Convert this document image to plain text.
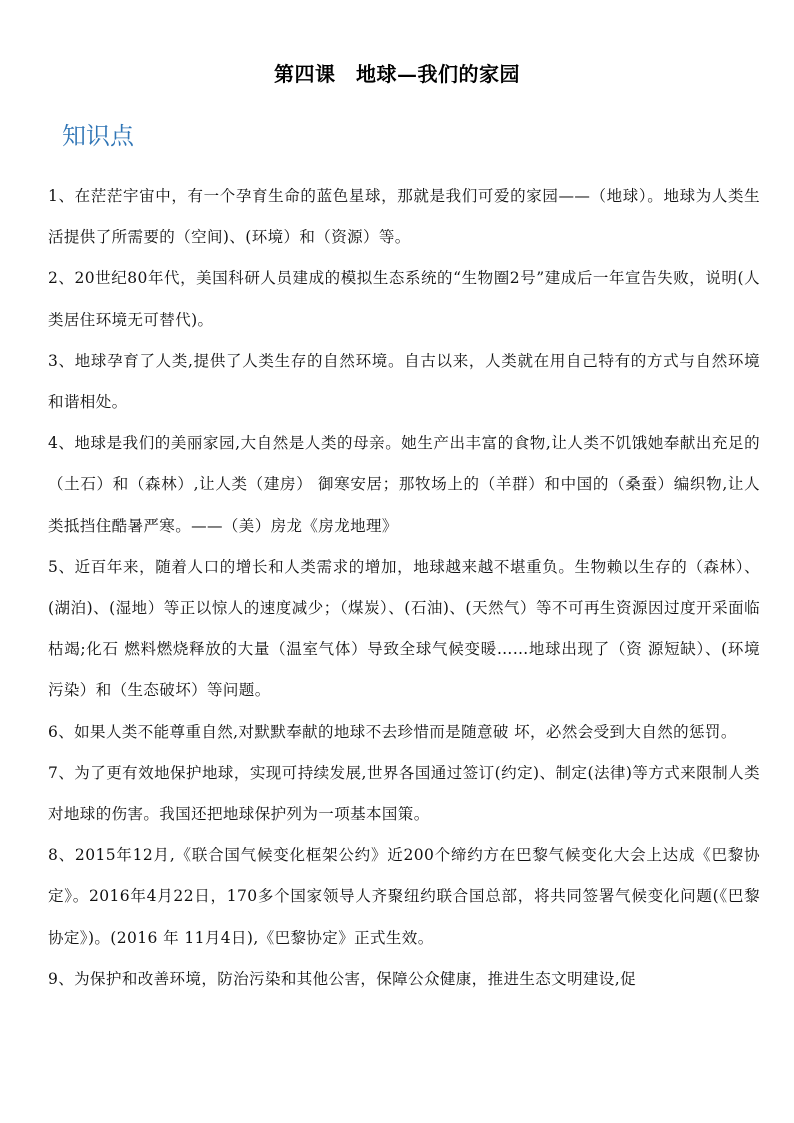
第四课　地球—我们的家园
知识点

1、在茫茫宇宙中，有一个孕育生命的蓝色星球，那就是我们可爱的家园——（地球）。地球为人类生活提供了所需要的（空间)、(环境）和（资源）等。

2、20世纪80年代，美国科研人员建成的模拟生态系统的“生物圈2号”建成后一年宣告失败，说明(人类居住环境无可替代)。

3、地球孕育了人类,提供了人类生存的自然环境。自古以来，人类就在用自己特有的方式与自然环境和谐相处。

4、地球是我们的美丽家园,大自然是人类的母亲。她生产出丰富的食物,让人类不饥饿她奉献出充足的（土石）和（森林）,让人类（建房） 御寒安居；那牧场上的（羊群）和中国的（桑蚕）编织物,让人类抵挡住酷暑严寒。——（美）房龙《房龙地理》

5、近百年来，随着人口的增长和人类需求的增加，地球越来越不堪重负。生物赖以生存的（森林）、(湖泊)、(湿地）等正以惊人的速度减少；（煤炭）、(石油)、(天然气）等不可再生资源因过度开采面临枯竭;化石 燃料燃烧释放的大量（温室气体）导致全球气候变暖……地球出现了（资 源短缺）、(环境污染）和（生态破坏）等问题。

6、如果人类不能尊重自然,对默默奉献的地球不去珍惜而是随意破 坏，必然会受到大自然的惩罚。

7、为了更有效地保护地球，实现可持续发展,世界各国通过签订(约定)、制定(法律)等方式来限制人类对地球的伤害。我国还把地球保护列为一项基本国策。

8、2015年12月,《联合国气候变化框架公约》近200个缔约方在巴黎气候变化大会上达成《巴黎协定》。2016年4月22日，170多个国家领导人齐聚纽约联合国总部，将共同签署气候变化问题(《巴黎协定》)。(2016 年 11月4日),《巴黎协定》正式生效。

9、为保护和改善环境，防治污染和其他公害，保障公众健康，推进生态文明建设,促
